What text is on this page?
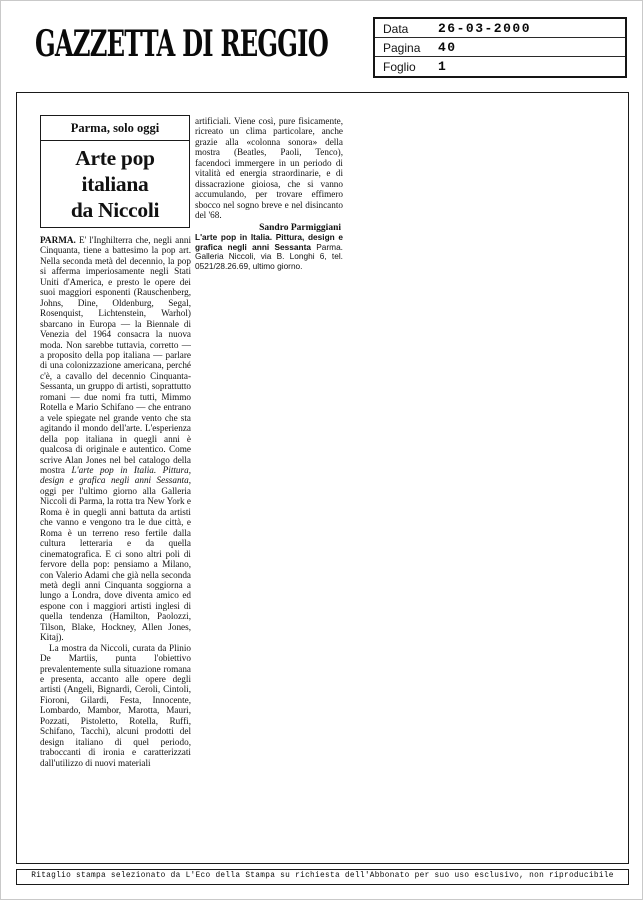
GAZZETTA DI REGGIO	Data 26-03-2000
Pagina 40
Foglio 1
Parma, solo oggi
Arte pop
italiana
da Niccoli

PARMA. E' l'Inghilterra che, negli anni Cinquanta, tiene a battesimo la pop art. Nella seconda metà del decennio, la pop si afferma imperiosamente negli Stati Uniti d'America, e presto le opere dei suoi maggiori esponenti (Rauschenberg, Johns, Dine, Oldenburg, Segal, Rosenquist, Lichtenstein, Warhol) sbarcano in Europa — la Biennale di Venezia del 1964 consacra la nuova moda. Non sarebbe tuttavia, corretto — a proposito della pop italiana — parlare di una colonizzazione americana, perché c'è, a cavallo del decennio Cinquanta-Sessanta, un gruppo di artisti, soprattutto romani — due nomi fra tutti, Mimmo Rotella e Mario Schifano — che entrano a vele spiegate nel grande vento che sta agitando il mondo dell'arte. L'esperienza della pop italiana in quegli anni è qualcosa di originale e autentico. Come scrive Alan Jones nel bel catalogo della mostra L'arte pop in Italia. Pittura, design e grafica negli anni Sessanta, oggi per l'ultimo giorno alla Galleria Niccoli di Parma, la rotta tra New York e Roma è in quegli anni battuta da artisti che vanno e vengono tra le due città, e Roma è un terreno reso fertile dalla cultura letteraria e da quella cinematografica. E ci sono altri poli di fervore della pop: pensiamo a Milano, con Valerio Adami che già nella seconda metà degli anni Cinquanta soggiorna a lungo a Londra, dove diventa amico ed espone con i maggiori artisti inglesi di quella tendenza (Hamilton, Paolozzi, Tilson, Blake, Hockney, Allen Jones, Kitaj).

La mostra da Niccoli, curata da Plinio De Martiis, punta l'obiettivo prevalentemente sulla situazione romana e presenta, accanto alle opere degli artisti (Angeli, Bignardi, Ceroli, Cintoli, Fioroni, Gilardi, Festa, Innocente, Lombardo, Mambor, Marotta, Mauri, Pozzati, Pistoletto, Rotella, Ruffi, Schifano, Tacchi), alcuni prodotti del design italiano di quel periodo, traboccanti di ironia e caratterizzati dall'utilizzo di nuovi materiali

artificiali. Viene così, pure fisicamente, ricreato un clima particolare, anche grazie alla «colonna sonora» della mostra (Beatles, Paoli, Tenco), facendoci immergere in un periodo di vitalità ed energia straordinarie, e di dissacrazione gioiosa, che si vanno accumulando, per trovare effimero sbocco nel sogno breve e nel disincanto del '68.

Sandro Parmiggiani

L'arte pop in Italia. Pittura, design e grafica negli anni Sessanta Parma. Galleria Niccoli, via B. Longhi 6, tel. 0521/28.26.69, ultimo giorno.

Ritaglio stampa selezionato da L'Eco della Stampa su richiesta dell'Abbonato per suo uso esclusivo, non riproducibile
